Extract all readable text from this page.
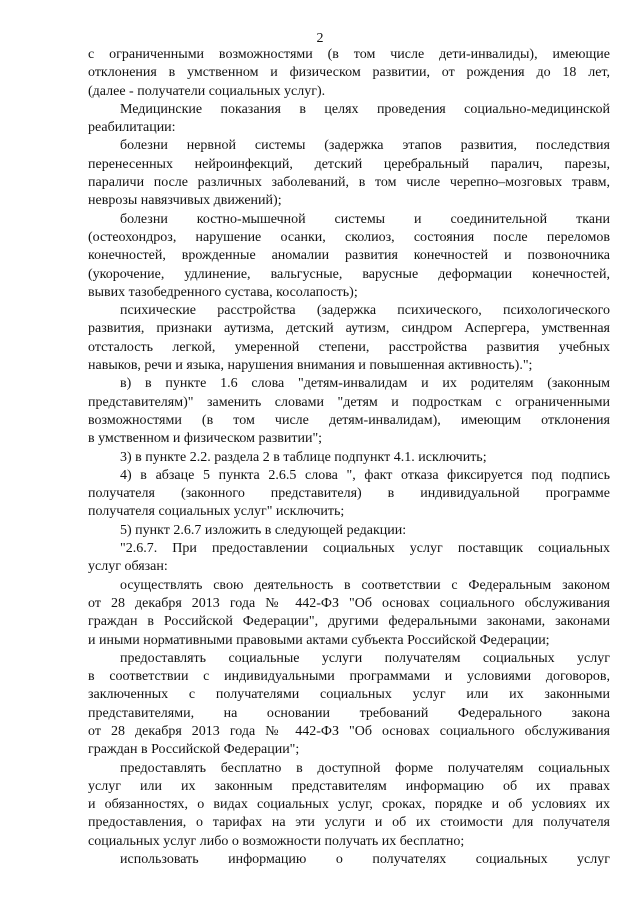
2
с ограниченными возможностями (в том числе дети-инвалиды), имеющие
отклонения в умственном и физическом развитии, от рождения до 18 лет,
(далее - получатели социальных услуг).
Медицинские показания в целях проведения социально-медицинской
реабилитации:
болезни нервной системы (задержка этапов развития, последствия
перенесенных нейроинфекций, детский церебральный паралич, парезы,
параличи после различных заболеваний, в том числе черепно–мозговых травм,
неврозы навязчивых движений);
болезни костно-мышечной системы и соединительной ткани
(остеохондроз, нарушение осанки, сколиоз, состояния после переломов
конечностей, врожденные аномалии развития конечностей и позвоночника
(укорочение, удлинение, вальгусные, варусные деформации конечностей,
вывих тазобедренного сустава, косолапость);
психические расстройства (задержка психического, психологического
развития, признаки аутизма, детский аутизм, синдром Аспергера, умственная
отсталость легкой, умеренной степени, расстройства развития учебных
навыков, речи и языка, нарушения внимания и повышенная активность).";
в) в пункте 1.6 слова "детям-инвалидам и их родителям (законным
представителям)" заменить словами "детям и подросткам с ограниченными
возможностями (в том числе детям-инвалидам), имеющим отклонения
в умственном и физическом развитии";
3) в пункте 2.2. раздела 2 в таблице подпункт 4.1. исключить;
4) в абзаце 5 пункта 2.6.5 слова ", факт отказа фиксируется под подпись
получателя (законного представителя) в индивидуальной программе
получателя социальных услуг" исключить;
5) пункт 2.6.7 изложить в следующей редакции:
"2.6.7. При предоставлении социальных услуг поставщик социальных
услуг обязан:
осуществлять свою деятельность в соответствии с Федеральным законом
от 28 декабря 2013 года № 442-ФЗ "Об основах социального обслуживания
граждан в Российской Федерации", другими федеральными законами, законами
и иными нормативными правовыми актами субъекта Российской Федерации;
предоставлять социальные услуги получателям социальных услуг
в соответствии с индивидуальными программами и условиями договоров,
заключенных с получателями социальных услуг или их законными
представителями, на основании требований Федерального закона
от 28 декабря 2013 года № 442-ФЗ "Об основах социального обслуживания
граждан в Российской Федерации";
предоставлять бесплатно в доступной форме получателям социальных
услуг или их законным представителям информацию об их правах
и обязанностях, о видах социальных услуг, сроках, порядке и об условиях их
предоставления, о тарифах на эти услуги и об их стоимости для получателя
социальных услуг либо о возможности получать их бесплатно;
использовать информацию о получателях социальных услуг
